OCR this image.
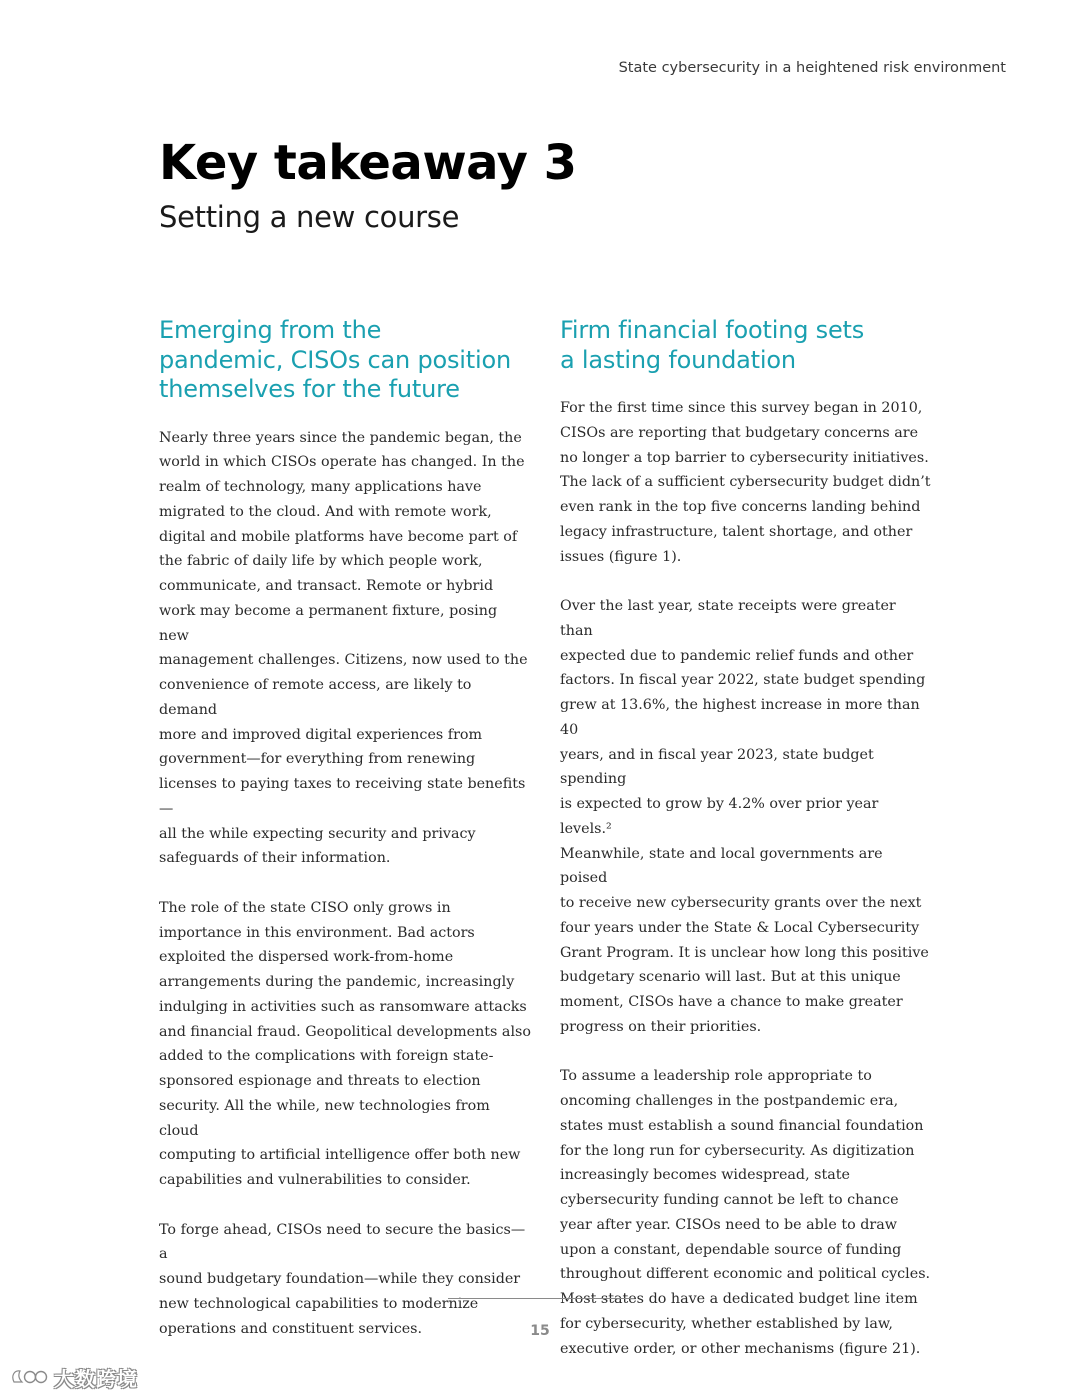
State cybersecurity in a heightened risk environment
Key takeaway 3
Setting a new course
Emerging from the
pandemic, CISOs can position
themselves for the future

Nearly three years since the pandemic began, the
world in which CISOs operate has changed. In the
realm of technology, many applications have
migrated to the cloud. And with remote work,
digital and mobile platforms have become part of
the fabric of daily life by which people work,
communicate, and transact. Remote or hybrid
work may become a permanent fixture, posing new
management challenges. Citizens, now used to the
convenience of remote access, are likely to demand
more and improved digital experiences from
government—for everything from renewing
licenses to paying taxes to receiving state benefits—
all the while expecting security and privacy
safeguards of their information.

The role of the state CISO only grows in
importance in this environment. Bad actors
exploited the dispersed work-from-home
arrangements during the pandemic, increasingly
indulging in activities such as ransomware attacks
and financial fraud. Geopolitical developments also
added to the complications with foreign state-
sponsored espionage and threats to election
security. All the while, new technologies from cloud
computing to artificial intelligence offer both new
capabilities and vulnerabilities to consider.

To forge ahead, CISOs need to secure the basics—a
sound budgetary foundation—while they consider
new technological capabilities to modernize
operations and constituent services.

Firm financial footing sets
a lasting foundation

For the first time since this survey began in 2010,
CISOs are reporting that budgetary concerns are
no longer a top barrier to cybersecurity initiatives.
The lack of a sufficient cybersecurity budget didn’t
even rank in the top five concerns landing behind
legacy infrastructure, talent shortage, and other
issues (figure 1).

Over the last year, state receipts were greater than
expected due to pandemic relief funds and other
factors. In fiscal year 2022, state budget spending
grew at 13.6%, the highest increase in more than 40
years, and in fiscal year 2023, state budget spending
is expected to grow by 4.2% over prior year levels.²
Meanwhile, state and local governments are poised
to receive new cybersecurity grants over the next
four years under the State & Local Cybersecurity
Grant Program. It is unclear how long this positive
budgetary scenario will last. But at this unique
moment, CISOs have a chance to make greater
progress on their priorities.

To assume a leadership role appropriate to
oncoming challenges in the postpandemic era,
states must establish a sound financial foundation
for the long run for cybersecurity. As digitization
increasingly becomes widespread, state
cybersecurity funding cannot be left to chance
year after year. CISOs need to be able to draw
upon a constant, dependable source of funding
throughout different economic and political cycles.
Most states do have a dedicated budget line item
for cybersecurity, whether established by law,
executive order, or other mechanisms (figure 21).

15
大数跨境
